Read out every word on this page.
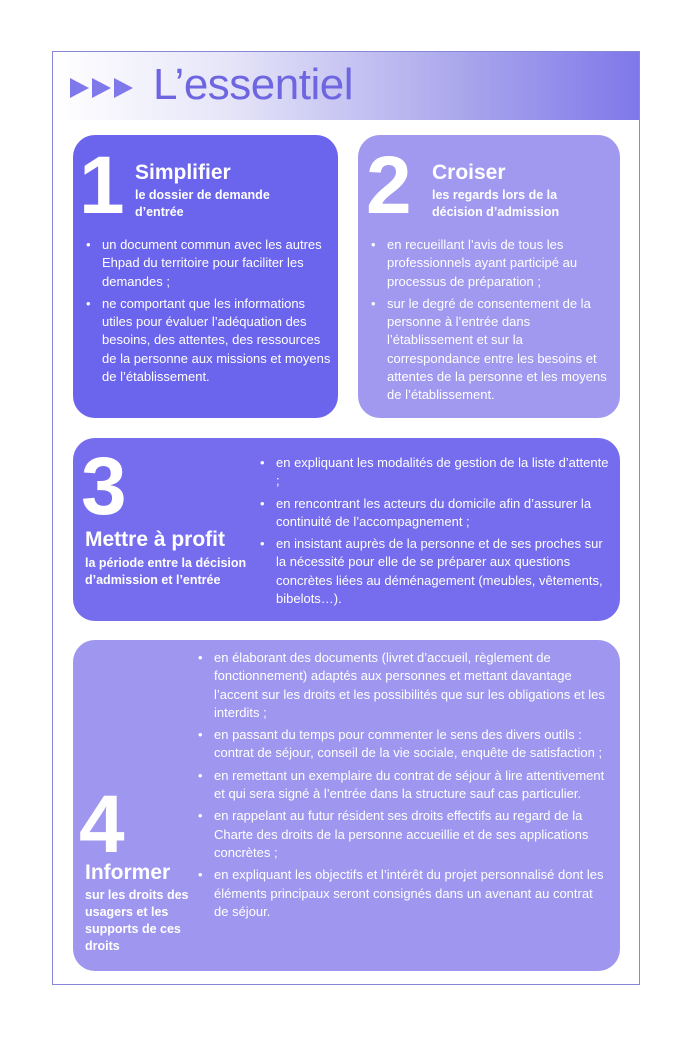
L’essentiel
1 Simplifier
le dossier de demande d’entrée
• un document commun avec les autres Ehpad du territoire pour faciliter les demandes ;
• ne comportant que les informations utiles pour évaluer l’adéquation des besoins, des attentes, des ressources de la personne aux missions et moyens de l’établissement.
2 Croiser
les regards lors de la décision d’admission
• en recueillant l’avis de tous les professionnels ayant participé au processus de préparation ;
• sur le degré de consentement de la personne à l’entrée dans l’établissement et sur la correspondance entre les besoins et attentes de la personne et les moyens de l’établissement.
3
Mettre à profit
la période entre la décision d’admission et l’entrée
• en expliquant les modalités de gestion de la liste d’attente ;
• en rencontrant les acteurs du domicile afin d’assurer la continuité de l’accompagnement ;
• en insistant auprès de la personne et de ses proches sur la nécessité pour elle de se préparer aux questions concrètes liées au déménagement (meubles, vêtements, bibelots…).
4
Informer
sur les droits des usagers et les supports de ces droits
• en élaborant des documents (livret d’accueil, règlement de fonctionnement) adaptés aux personnes et mettant davantage l’accent sur les droits et les possibilités que sur les obligations et les interdits ;
• en passant du temps pour commenter le sens des divers outils : contrat de séjour, conseil de la vie sociale, enquête de satisfaction ;
• en remettant un exemplaire du contrat de séjour à lire attentivement et qui sera signé à l’entrée dans la structure sauf cas particulier.
• en rappelant au futur résident ses droits effectifs au regard de la Charte des droits de la personne accueillie et de ses applications concrètes ;
• en expliquant les objectifs et l’intérêt du projet personnalisé dont les éléments principaux seront consignés dans un avenant au contrat de séjour.
